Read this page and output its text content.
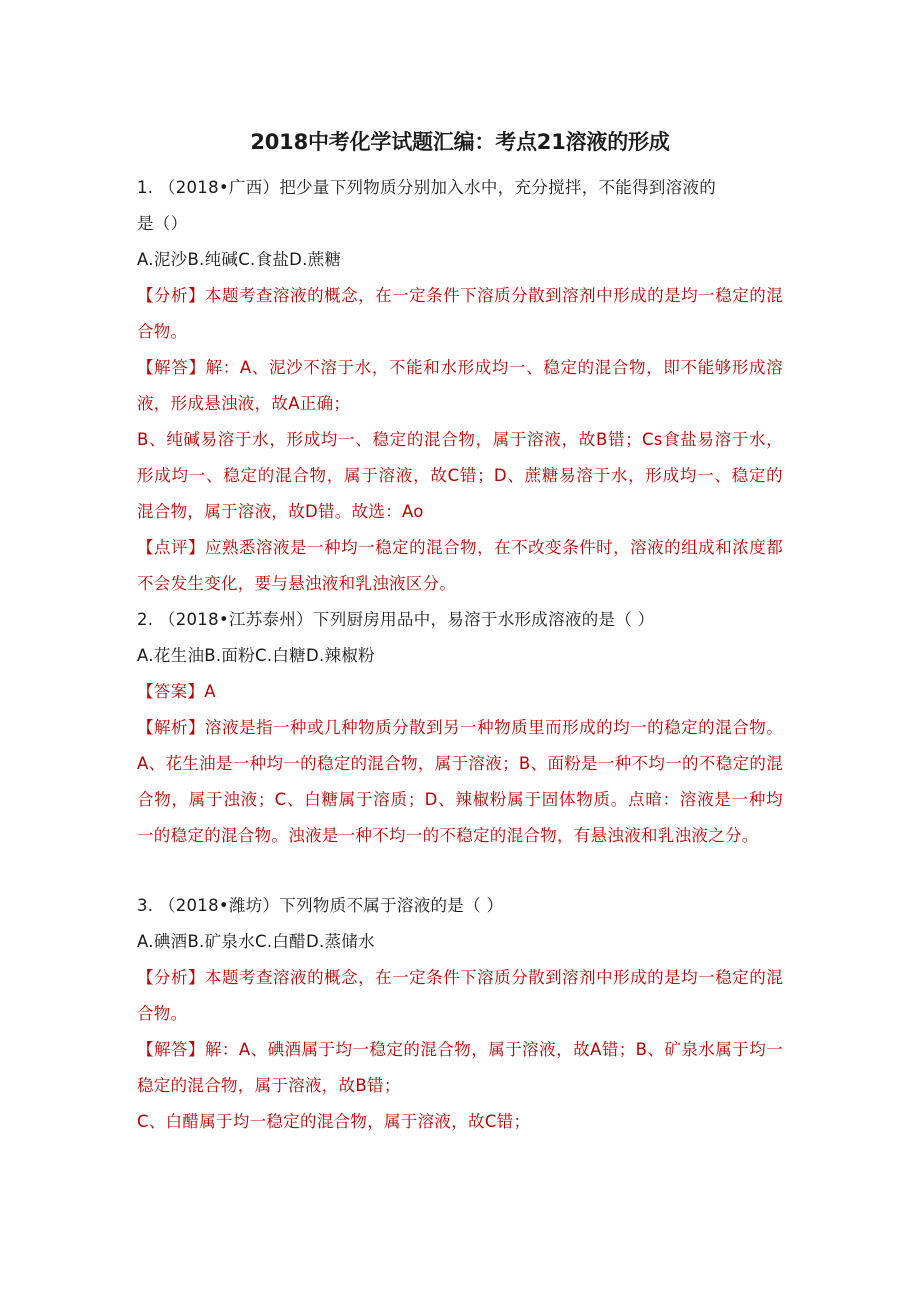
2018中考化学试题汇编：考点21溶液的形成
1. （2018•广西）把少量下列物质分别加入水中，充分搅拌，不能得到溶液的
是（）
A.泥沙B.纯碱C.食盐D.蔗糖
【分析】本题考查溶液的概念，在一定条件下溶质分散到溶剂中形成的是均一稳定的混合物。
【解答】解：A、泥沙不溶于水，不能和水形成均一、稳定的混合物，即不能够形成溶液，形成悬浊液，故A正确；
B、纯碱易溶于水，形成均一、稳定的混合物，属于溶液，故B错；Cs食盐易溶于水，形成均一、稳定的混合物，属于溶液，故C错；D、蔗糖易溶于水，形成均一、稳定的混合物，属于溶液，故D错。故选：Ao
【点评】应熟悉溶液是一种均一稳定的混合物，在不改变条件时，溶液的组成和浓度都不会发生变化，要与悬浊液和乳浊液区分。
2. （2018•江苏泰州）下列厨房用品中，易溶于水形成溶液的是（ ）
A.花生油B.面粉C.白糖D.辣椒粉
【答案】A
【解析】溶液是指一种或几种物质分散到另一种物质里而形成的均一的稳定的混合物。A、花生油是一种均一的稳定的混合物，属于溶液；B、面粉是一种不均一的不稳定的混合物，属于浊液；C、白糖属于溶质；D、辣椒粉属于固体物质。点暗：溶液是一种均一的稳定的混合物。浊液是一种不均一的不稳定的混合物，有悬浊液和乳浊液之分。
3. （2018•潍坊）下列物质不属于溶液的是（ ）
A.碘酒B.矿泉水C.白醋D.蒸储水
【分析】本题考查溶液的概念，在一定条件下溶质分散到溶剂中形成的是均一稳定的混合物。
【解答】解：A、碘酒属于均一稳定的混合物，属于溶液，故A错；B、矿泉水属于均一稳定的混合物，属于溶液，故B错；
C、白醋属于均一稳定的混合物，属于溶液，故C错；
